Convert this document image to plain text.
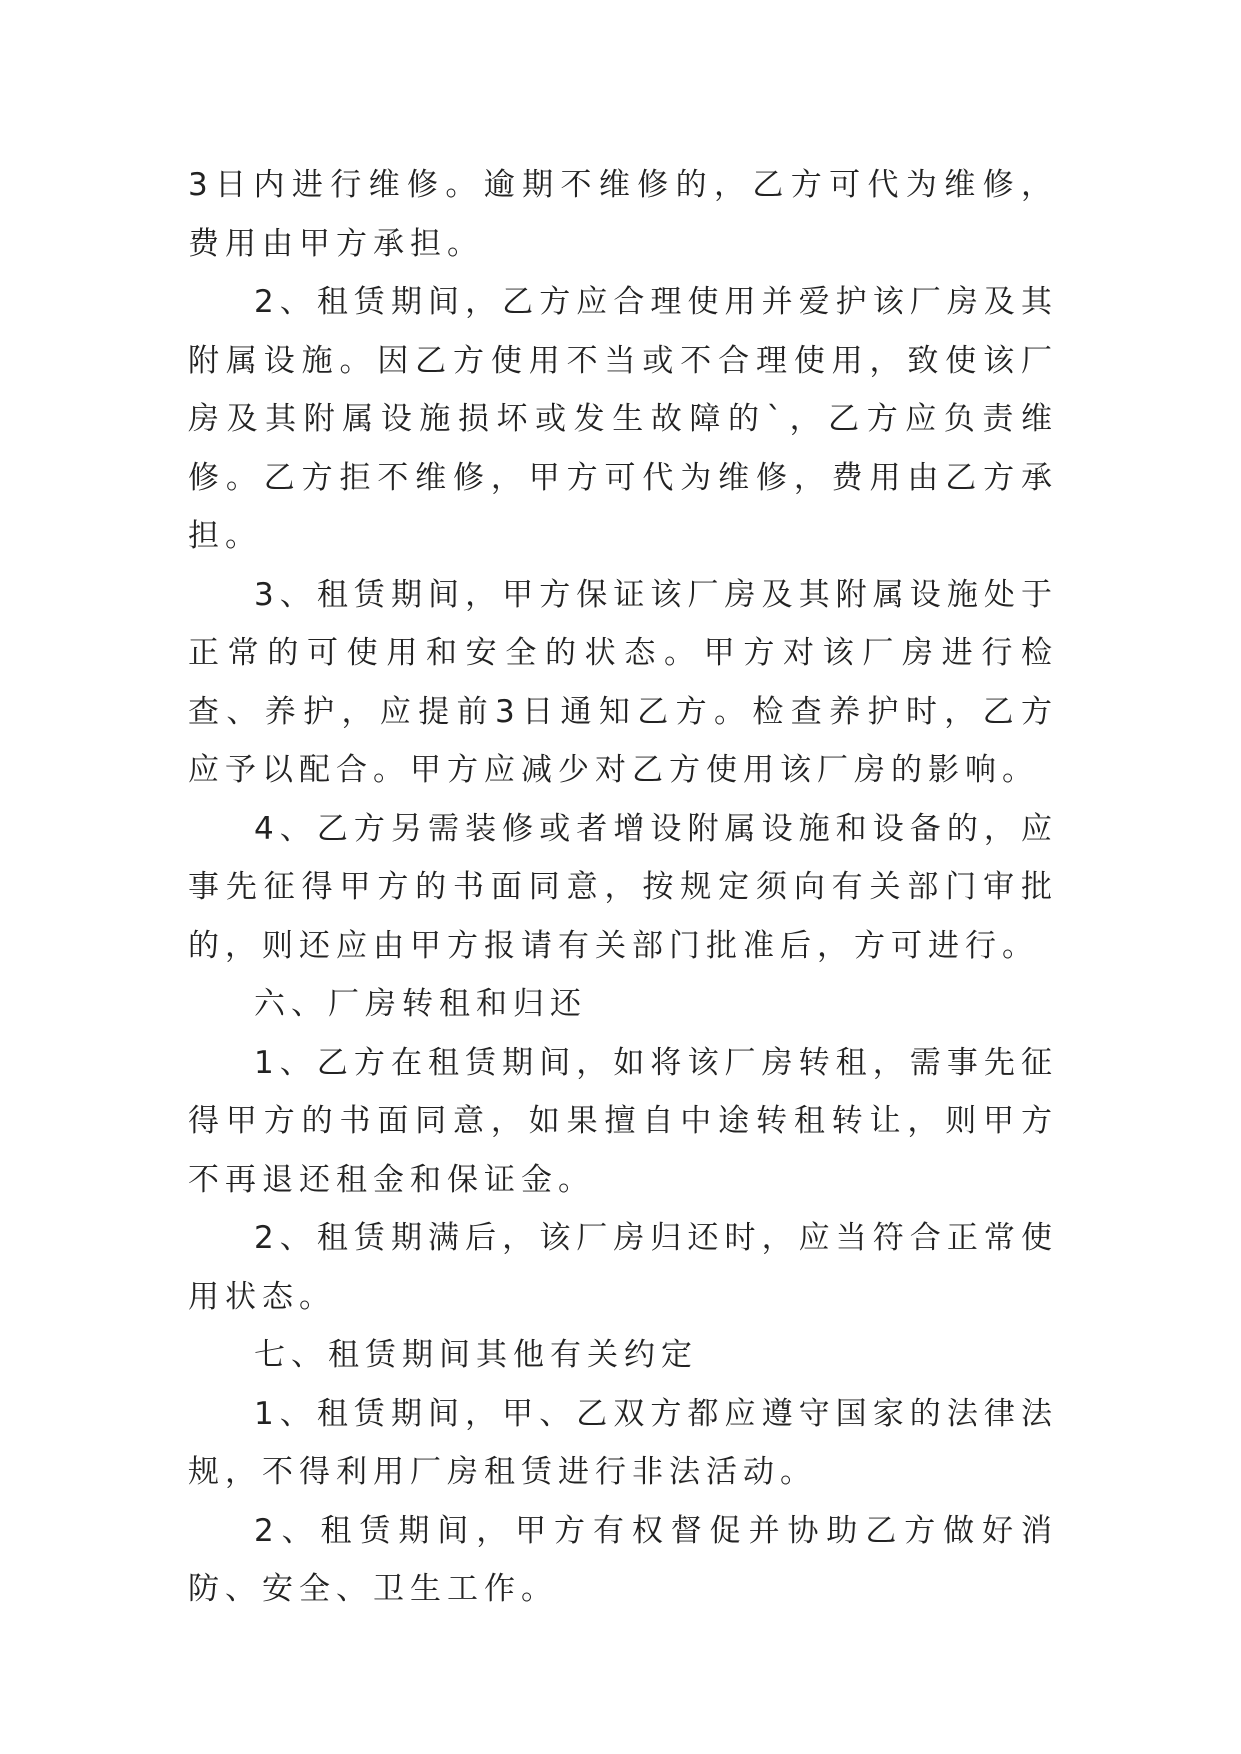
3日内进行维修。逾期不维修的，乙方可代为维修，费用由甲方承担。

2、租赁期间，乙方应合理使用并爱护该厂房及其附属设施。因乙方使用不当或不合理使用，致使该厂房及其附属设施损坏或发生故障的`，乙方应负责维修。乙方拒不维修，甲方可代为维修，费用由乙方承担。

3、租赁期间，甲方保证该厂房及其附属设施处于正常的可使用和安全的状态。甲方对该厂房进行检查、养护，应提前3日通知乙方。检查养护时，乙方应予以配合。甲方应减少对乙方使用该厂房的影响。

4、乙方另需装修或者增设附属设施和设备的，应事先征得甲方的书面同意，按规定须向有关部门审批的，则还应由甲方报请有关部门批准后，方可进行。

六、厂房转租和归还

1、乙方在租赁期间，如将该厂房转租，需事先征得甲方的书面同意，如果擅自中途转租转让，则甲方不再退还租金和保证金。

2、租赁期满后，该厂房归还时，应当符合正常使用状态。

七、租赁期间其他有关约定

1、租赁期间，甲、乙双方都应遵守国家的法律法规，不得利用厂房租赁进行非法活动。

2、租赁期间，甲方有权督促并协助乙方做好消防、安全、卫生工作。
